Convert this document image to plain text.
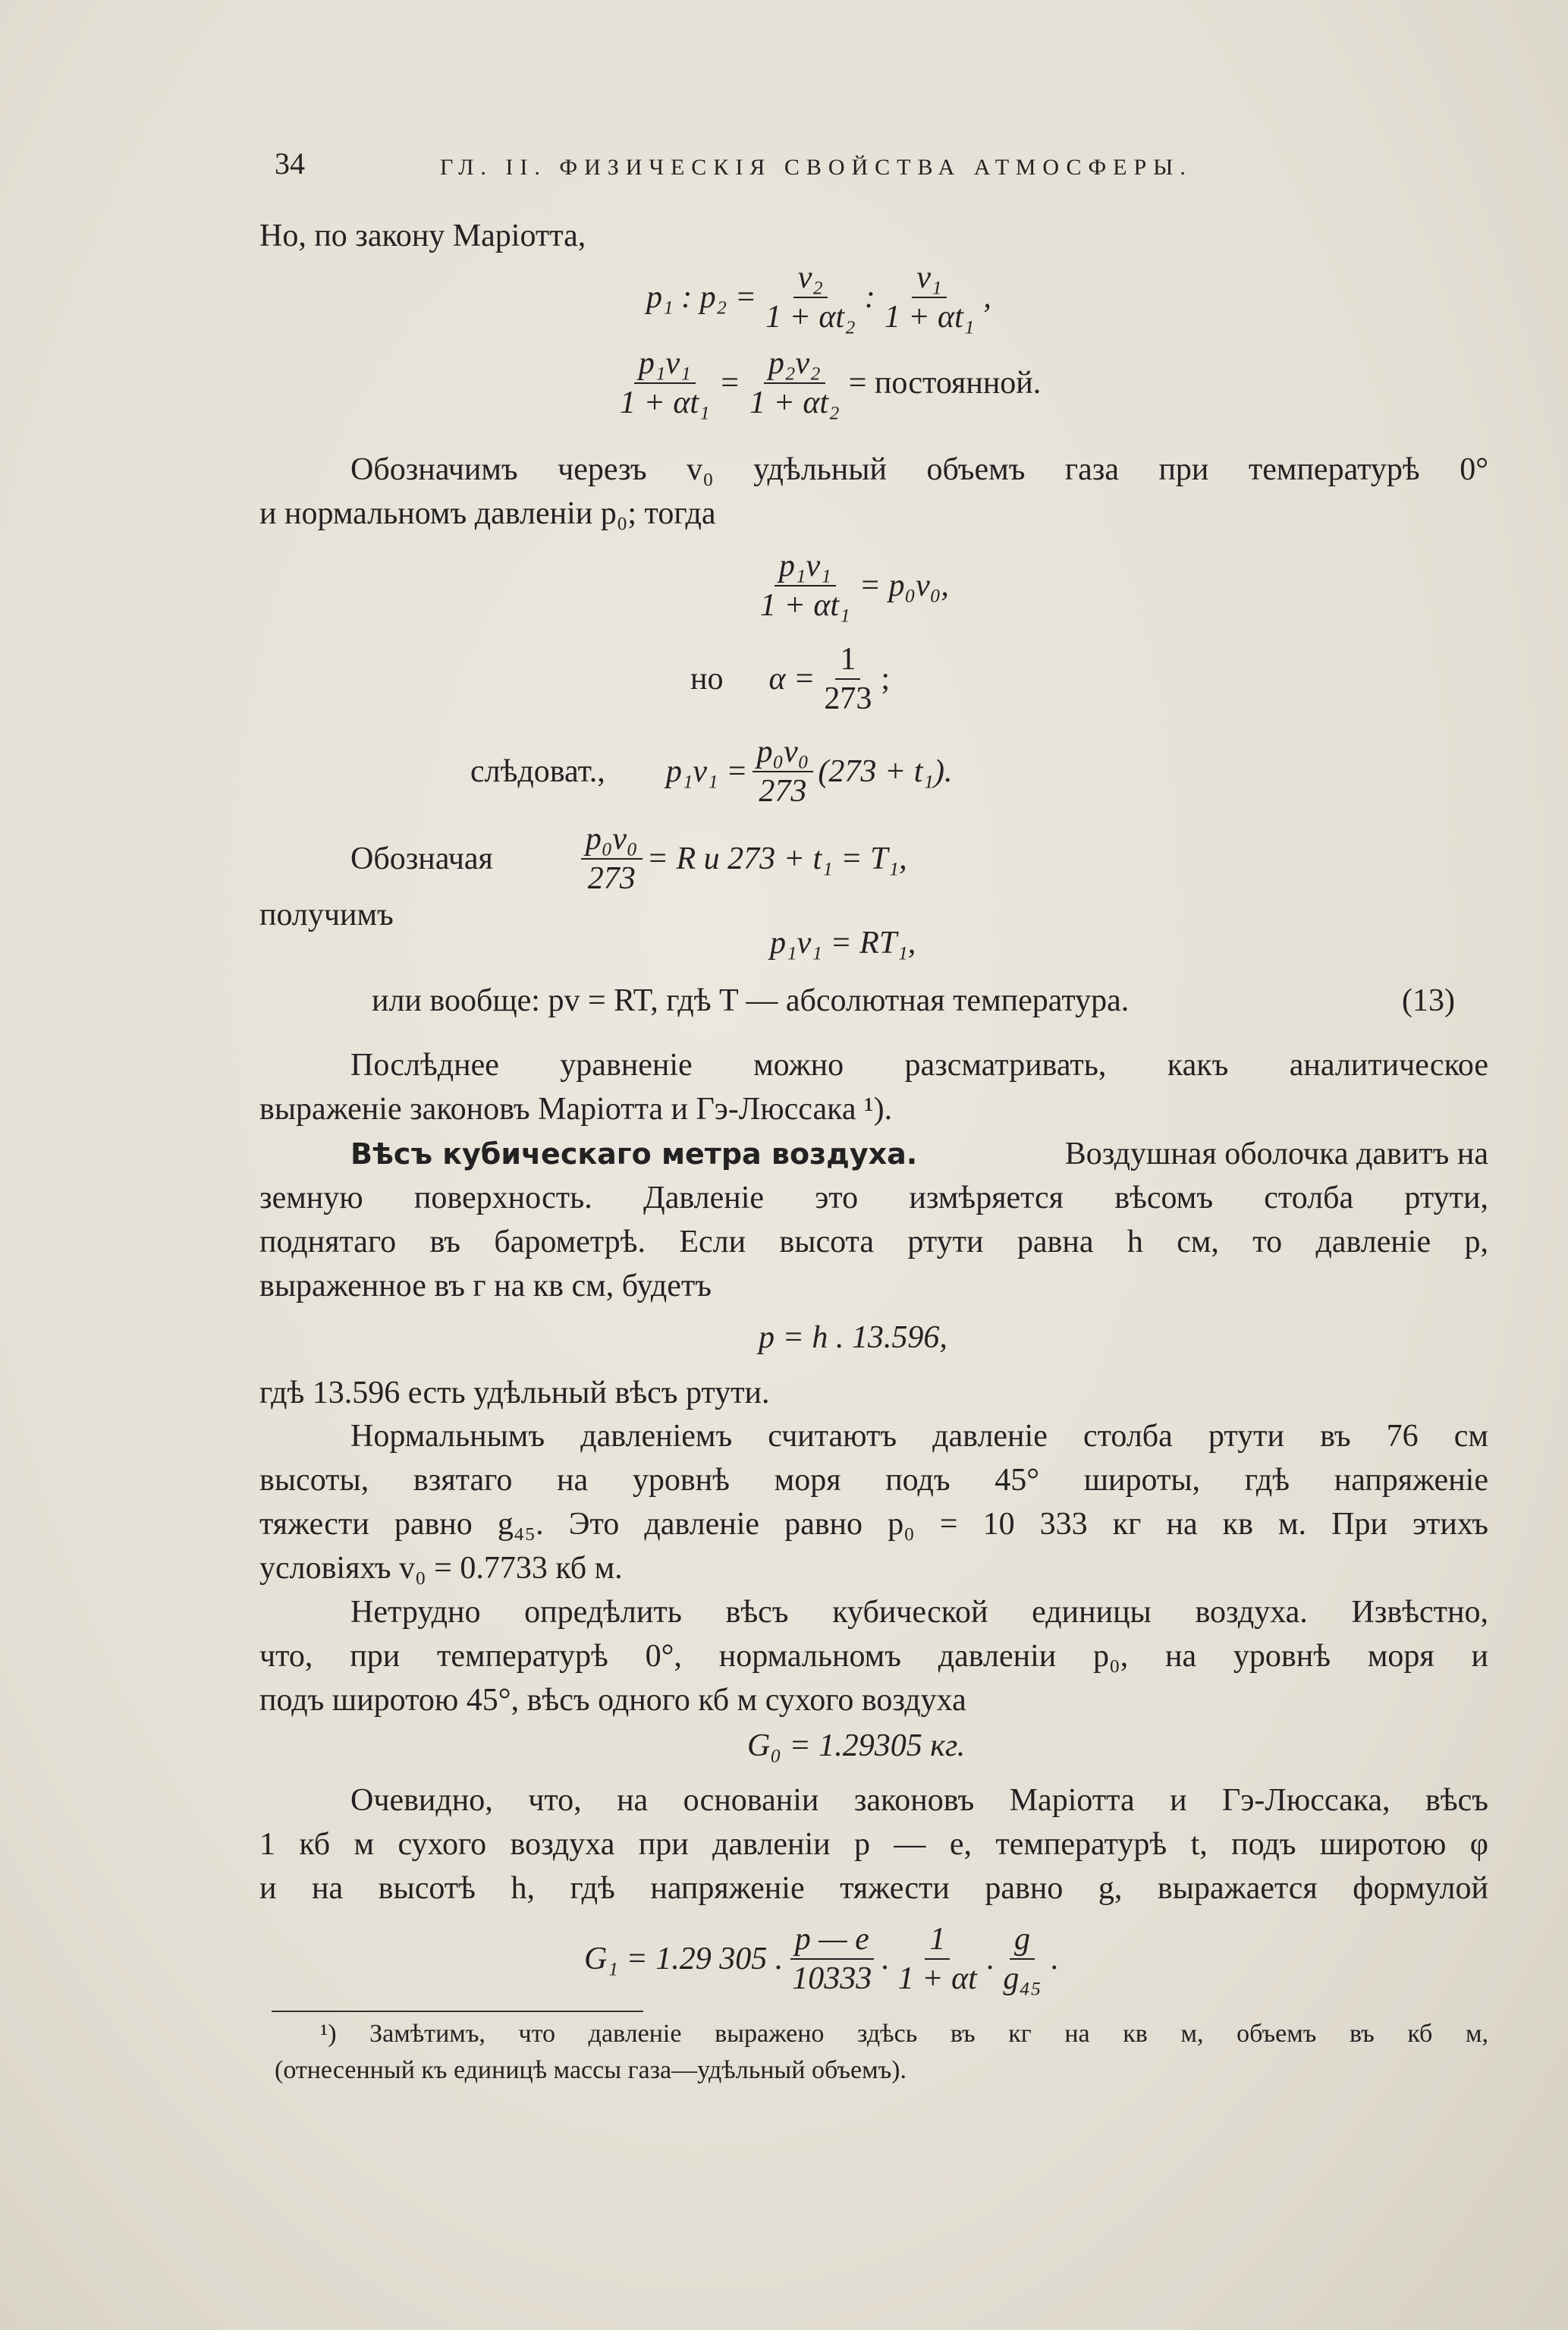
34	ГЛ. II. ФИЗИЧЕСКІЯ СВОЙСТВА АТМОСФЕРЫ.
Но, по закону Маріотта,
p₁ : $p_2 = \frac{\text{v₂}}{\text{1 + αt₂}}$ : $\frac{\text{v₁}}{\text{1 + αt₁}}$ ,
$\frac{\text{p₁v₁}}{\text{1 + αt₁}} = \frac{\text{p₂v₂}}{\text{1 + αt₂}}$ = постоянной.
Обозначимъ черезъ v₀ удѣльный объемъ газа при температурѣ 0°
и нормальномъ давленіи p₀; тогда
$\frac{\text{p₁v₁}}{\text{1 + αt₁}} = p_0v_0$,
но $\alpha = \frac{1}{273}$ ;
слѣдоват., $p_1v_1 = \frac{\text{p₀v₀}}{273} (273 + t_1)$.
Обозначая	$\frac{\text{p₀v₀}}{273} = R$ и 273 + t₁ = T₁,
получимъ
p₁v₁ = RT₁,
или вообще: pv = RT, гдѣ T — абсолютная температура.	(13)
Послѣднее уравненіе можно разсматривать, какъ аналитическое
выраженіе законовъ Маріотта и Гэ-Люссака ¹).
Вѣсъ кубическаго метра воздуха.	Воздушная оболочка давитъ на
земную поверхность. Давленіе это измѣряется вѣсомъ столба ртути,
поднятаго въ барометрѣ. Если высота ртути равна h см, то давленіе p,
выраженное въ г на кв см, будетъ
p = h . 13.596,
гдѣ 13.596 есть удѣльный вѣсъ ртути.
Нормальнымъ давленіемъ считаютъ давленіе столба ртути въ 76 см
высоты, взятаго на уровнѣ моря подъ 45° широты, гдѣ напряженіе
тяжести равно g₄₅. Это давленіе равно p₀ = 10 333 кг на кв м. При этихъ
условіяхъ v₀ = 0.7733 кб м.
Нетрудно опредѣлить вѣсъ кубической единицы воздуха. Извѣстно,
что, при температурѣ 0°, нормальномъ давленіи p₀, на уровнѣ моря и
подъ широтою 45°, вѣсъ одного кб м сухого воздуха
G₀ = 1.29305 кг.
Очевидно, что, на основаніи законовъ Маріотта и Гэ-Люссака, вѣсъ
1 кб м сухого воздуха при давленіи p — e, температурѣ t, подъ широтою φ
и на высотѣ h, гдѣ напряженіе тяжести равно g, выражается формулой
G₁ = 1.29 305 . $\frac{p — e}{10333}$ . $\frac{1}{1 + \alpha t}$ . $\frac{g}{\text{g₄₅}}$ .
¹) Замѣтимъ, что давленіе выражено здѣсь въ кг на кв м, объемъ въ кб м,
(отнесенный къ единицѣ массы газа—удѣльный объемъ).
